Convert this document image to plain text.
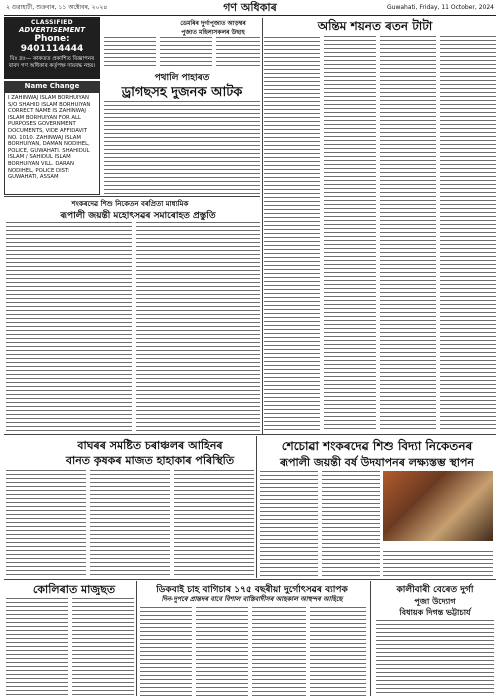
২ গুৱাহাটী, শুক্ৰবাৰ, ১১ অক্টোবৰ, ২০২৪	গণ অধিকাৰ	Guwahati, Friday, 11 October, 2024
CLASSIFIED
ADVERTISEMENT
Phone: 9401114444
বিঃ দ্ৰঃ— কাকতত প্ৰকাশিত বিজ্ঞাপনৰ বাবদ গণ অধিকাৰ কৰ্তৃপক্ষ দায়বদ্ধ নহয়।
Name Change
I ZAHINWAJ ISLAM BORHUIYAN S/O SHAHID ISLAM BORHUIYAN CORRECT NAME IS ZAHINWAJ ISLAM BORHUIYAN FOR ALL PURPOSES GOVERNMENT DOCUMENTS, VIDE AFFIDAVIT NO. 1010. ZAHINWAJ ISLAM BORHUIYAN, DAMAN NODIHEL, POLICE, GUWAHATI. SHAHIDUL ISLAM / SAHIDUL ISLAM BORHUIYAN VILL. DARAN NODIHEL, POLICE DIST: GUWAHATI, ASSAM
ডেমৰিৰ দুৰ্গাপূজাত আড়ম্বৰ
পুজাত মহিলাসকলৰ উছাহ
পথালি পাহাৰত
ড্ৰাগছসহ দুজনক আটক
অন্তিম শয়নত ৰতন টাটা
শংকৰদেৱ শিশু নিকেতন বৰপ্ৰিতা মাধ্যমিক
ৰূপালী জয়ন্তী মহোৎসৱৰ সমাৰোহত প্ৰস্তুতি
বাঘৰৰ সমষ্টিত চৰাঞ্চলৰ আহিনৰ
বানত কৃষকৰ মাজত হাহাকাৰ পৰিস্থিতি
শেচোৱা শংকৰদেৱ শিশু বিদ্যা নিকেতনৰ
ৰূপালী জয়ন্তী বৰ্ষ উদযাপনৰ লক্ষ্যস্তম্ভ স্থাপন
কোলিৰাত মাজুছত	ডিকবাই চাহ বাগিচাৰ ১৭৫ বছৰীয়া দুৰ্গোৎসৱৰ ব্যাপক
দিন-দুপৰে প্ৰান্তদৰ বাবে বিশাল বাস্তিবাদীসৰ আহকাল আহুন্দৰ আহিছে
কালীবাৰী বেৰেত দুৰ্গা
পূজা উদ্যোগ
বিধায়ক দিগন্ত ভট্টাচাৰ্য
